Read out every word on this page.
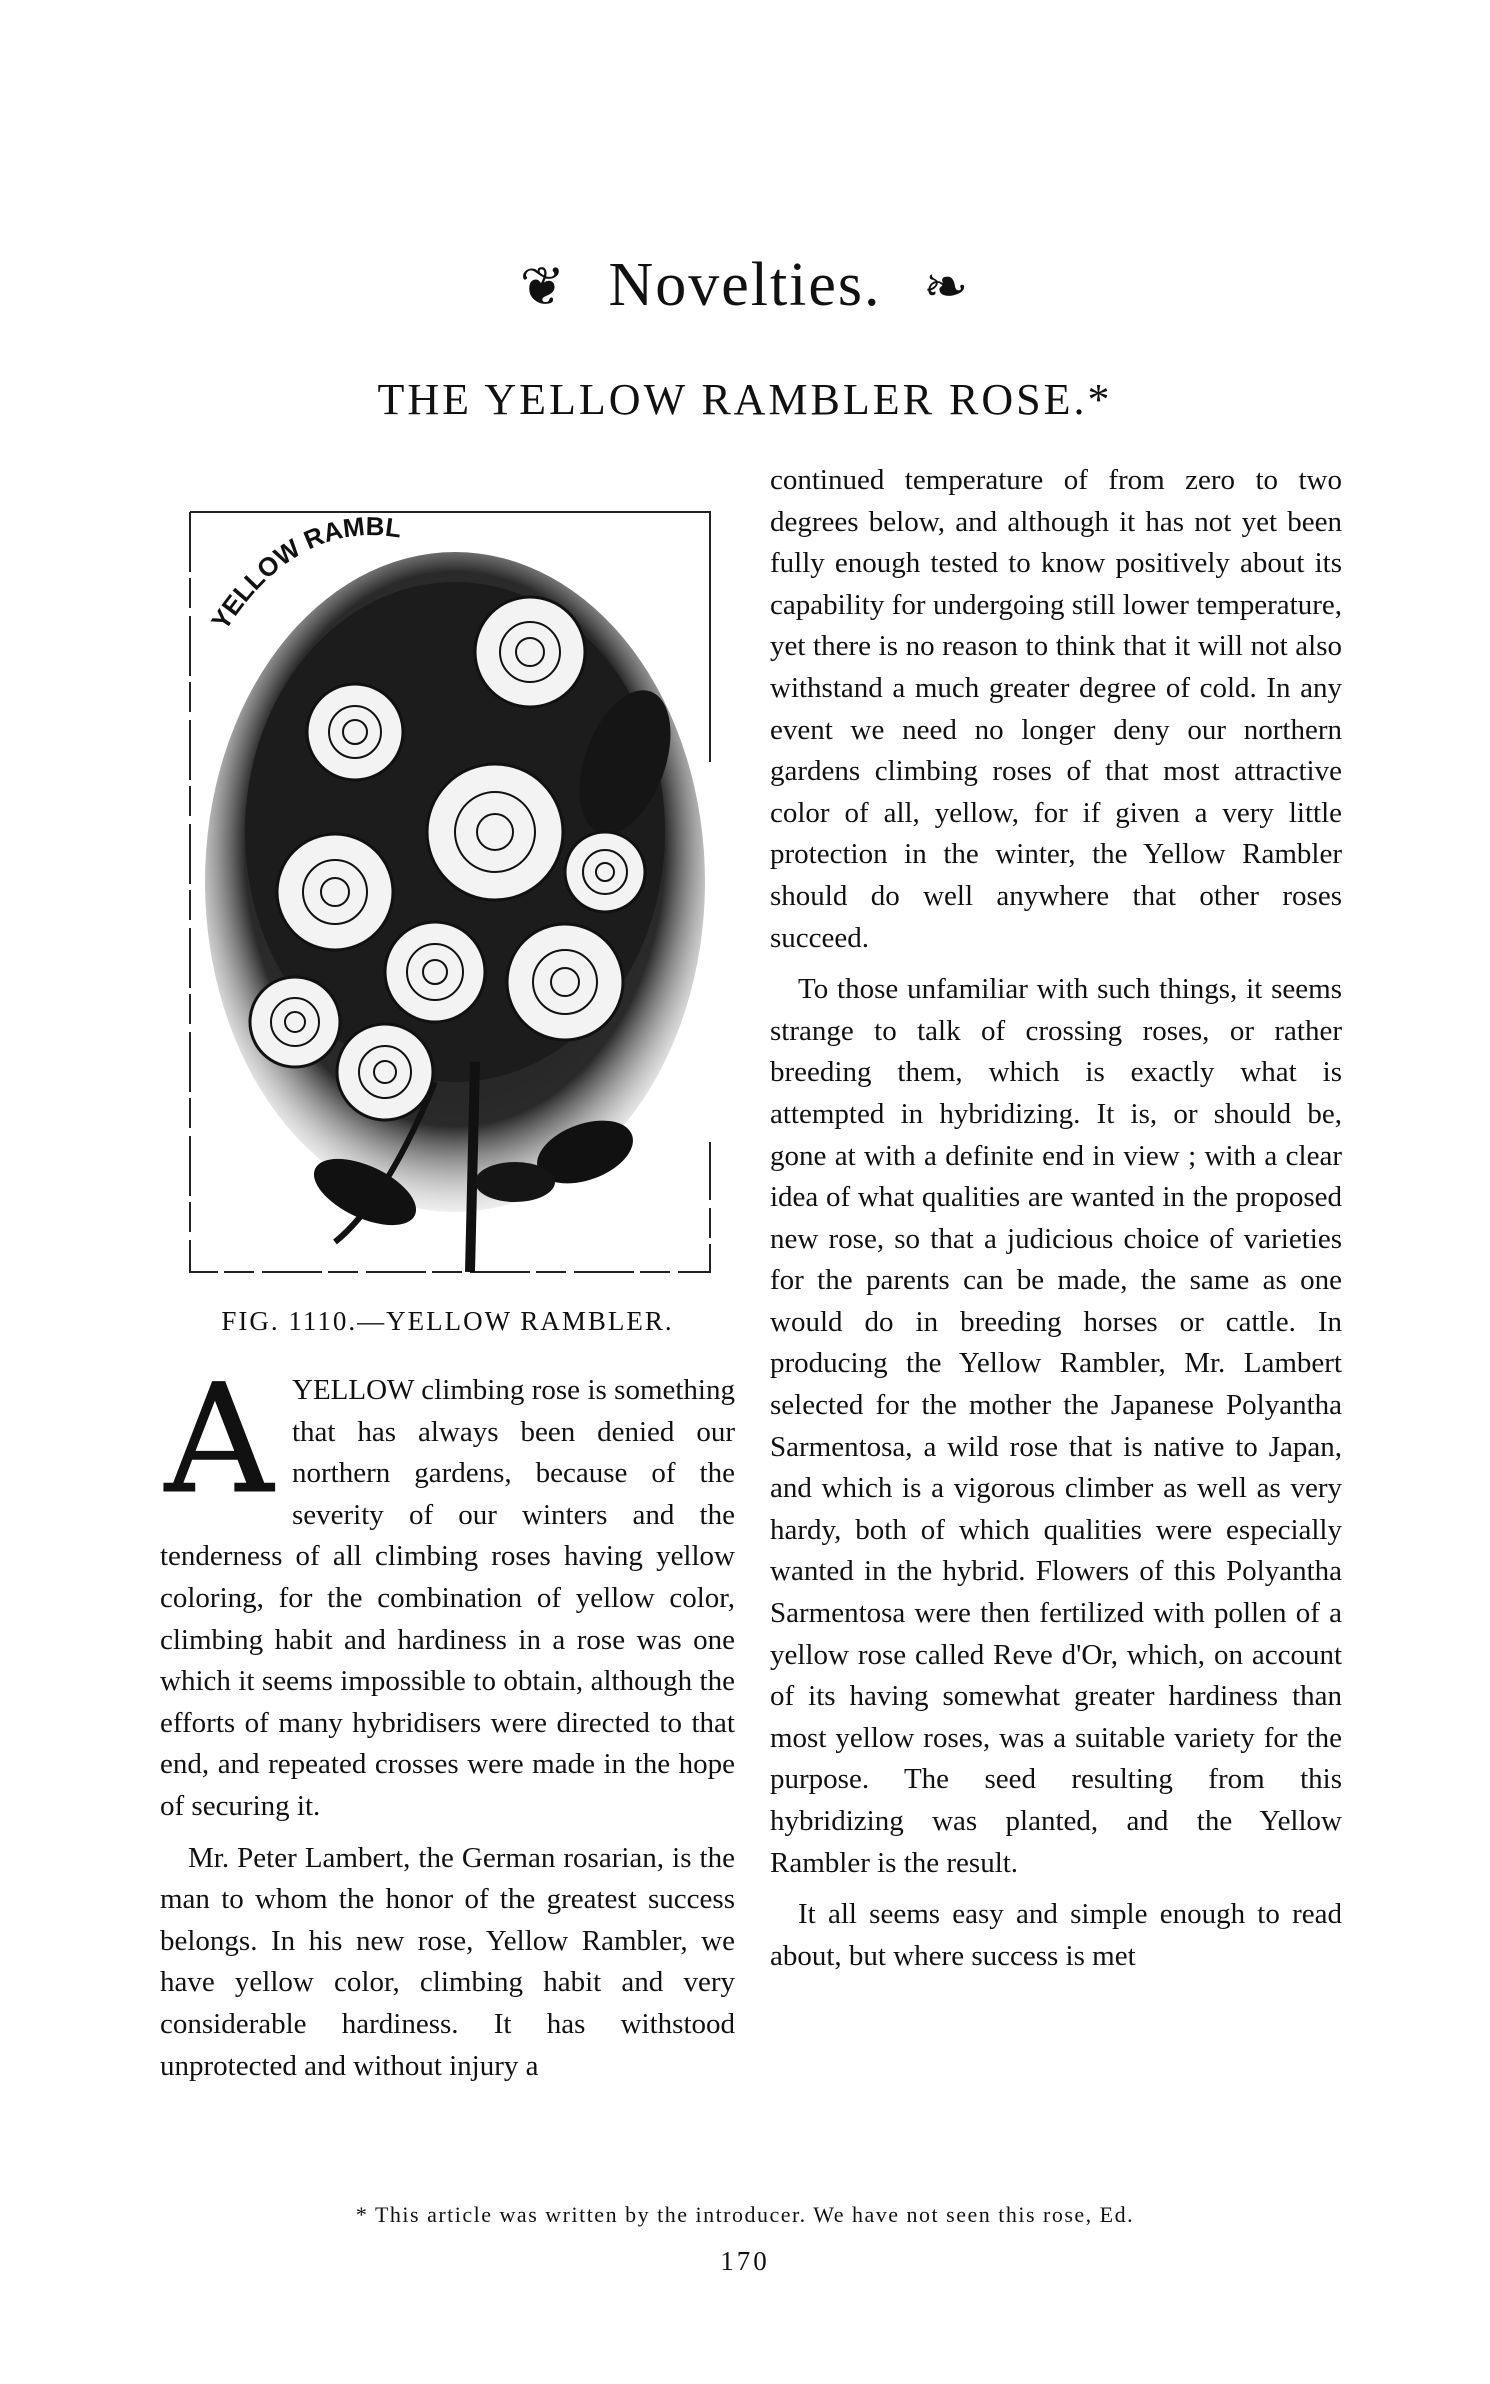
❦ Novelties. ❧
THE YELLOW RAMBLER ROSE.*
YELLOW RAMBL
FIG. 1110.—YELLOW RAMBLER.
A YELLOW climbing rose is something that has always been denied our northern gardens, because of the severity of our winters and the tenderness of all climbing roses having yellow coloring, for the combination of yellow color, climbing habit and hardiness in a rose was one which it seems impossible to obtain, although the efforts of many hybridisers were directed to that end, and repeated crosses were made in the hope of securing it.

Mr. Peter Lambert, the German rosarian, is the man to whom the honor of the greatest success belongs. In his new rose, Yellow Rambler, we have yellow color, climbing habit and very considerable hardiness. It has withstood unprotected and without injury a

continued temperature of from zero to two degrees below, and although it has not yet been fully enough tested to know positively about its capability for undergoing still lower temperature, yet there is no reason to think that it will not also withstand a much greater degree of cold. In any event we need no longer deny our northern gardens climbing roses of that most attractive color of all, yellow, for if given a very little protection in the winter, the Yellow Rambler should do well anywhere that other roses succeed.

To those unfamiliar with such things, it seems strange to talk of crossing roses, or rather breeding them, which is exactly what is attempted in hybridizing. It is, or should be, gone at with a definite end in view ; with a clear idea of what qualities are wanted in the proposed new rose, so that a judicious choice of varieties for the parents can be made, the same as one would do in breeding horses or cattle. In producing the Yellow Rambler, Mr. Lambert selected for the mother the Japanese Polyantha Sarmentosa, a wild rose that is native to Japan, and which is a vigorous climber as well as very hardy, both of which qualities were especially wanted in the hybrid. Flowers of this Polyantha Sarmentosa were then fertilized with pollen of a yellow rose called Reve d'Or, which, on account of its having somewhat greater hardiness than most yellow roses, was a suitable variety for the purpose. The seed resulting from this hybridizing was planted, and the Yellow Rambler is the result.

It all seems easy and simple enough to read about, but where success is met

* This article was written by the introducer. We have not seen this rose, Ed.
170
